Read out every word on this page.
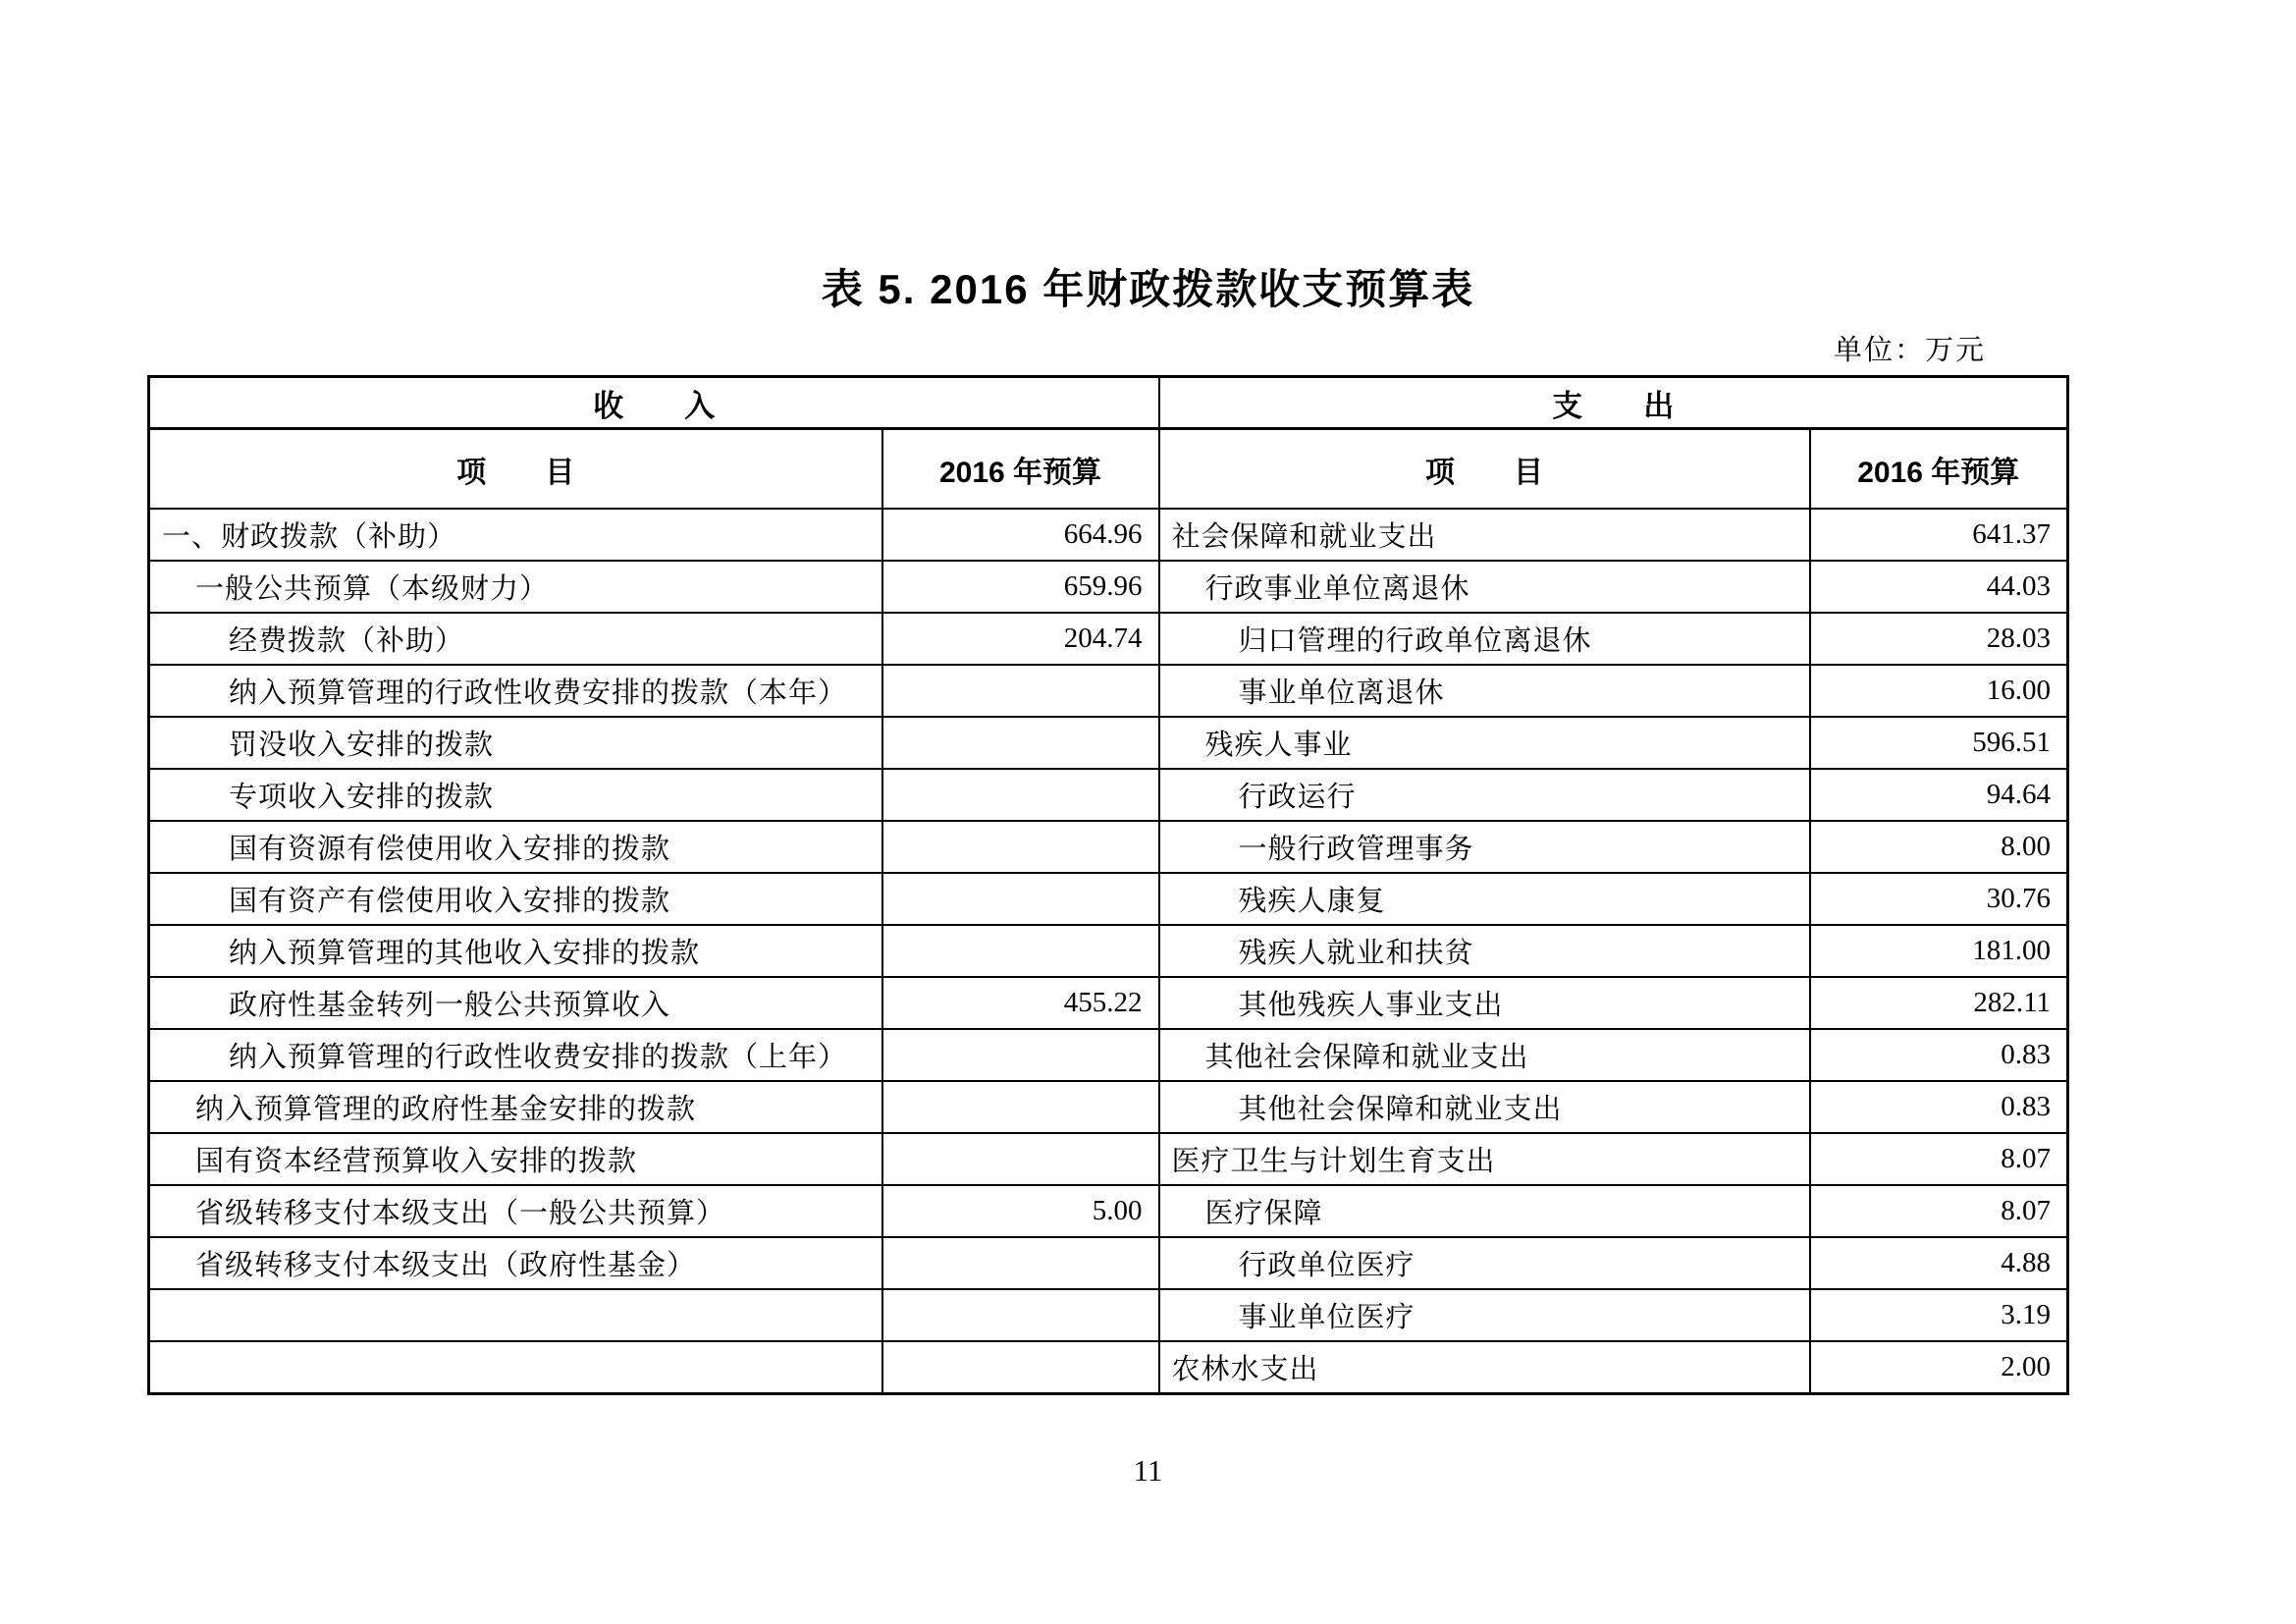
表 5. 2016 年财政拨款收支预算表
单位：万元
收　　入		支　　出	
项　　目	2016 年预算	项　　目	2016 年预算
一、财政拨款（补助）	664.96	社会保障和就业支出	641.37
一般公共预算（本级财力）	659.96	行政事业单位离退休	44.03
经费拨款（补助）	204.74	归口管理的行政单位离退休	28.03
纳入预算管理的行政性收费安排的拨款（本年）		事业单位离退休	16.00
罚没收入安排的拨款		残疾人事业	596.51
专项收入安排的拨款		行政运行	94.64
国有资源有偿使用收入安排的拨款		一般行政管理事务	8.00
国有资产有偿使用收入安排的拨款		残疾人康复	30.76
纳入预算管理的其他收入安排的拨款		残疾人就业和扶贫	181.00
政府性基金转列一般公共预算收入	455.22	其他残疾人事业支出	282.11
纳入预算管理的行政性收费安排的拨款（上年）		其他社会保障和就业支出	0.83
纳入预算管理的政府性基金安排的拨款		其他社会保障和就业支出	0.83
国有资本经营预算收入安排的拨款		医疗卫生与计划生育支出	8.07
省级转移支付本级支出（一般公共预算）	5.00	医疗保障	8.07
省级转移支付本级支出（政府性基金）		行政单位医疗	4.88
		事业单位医疗	3.19
		农林水支出	2.00
11
